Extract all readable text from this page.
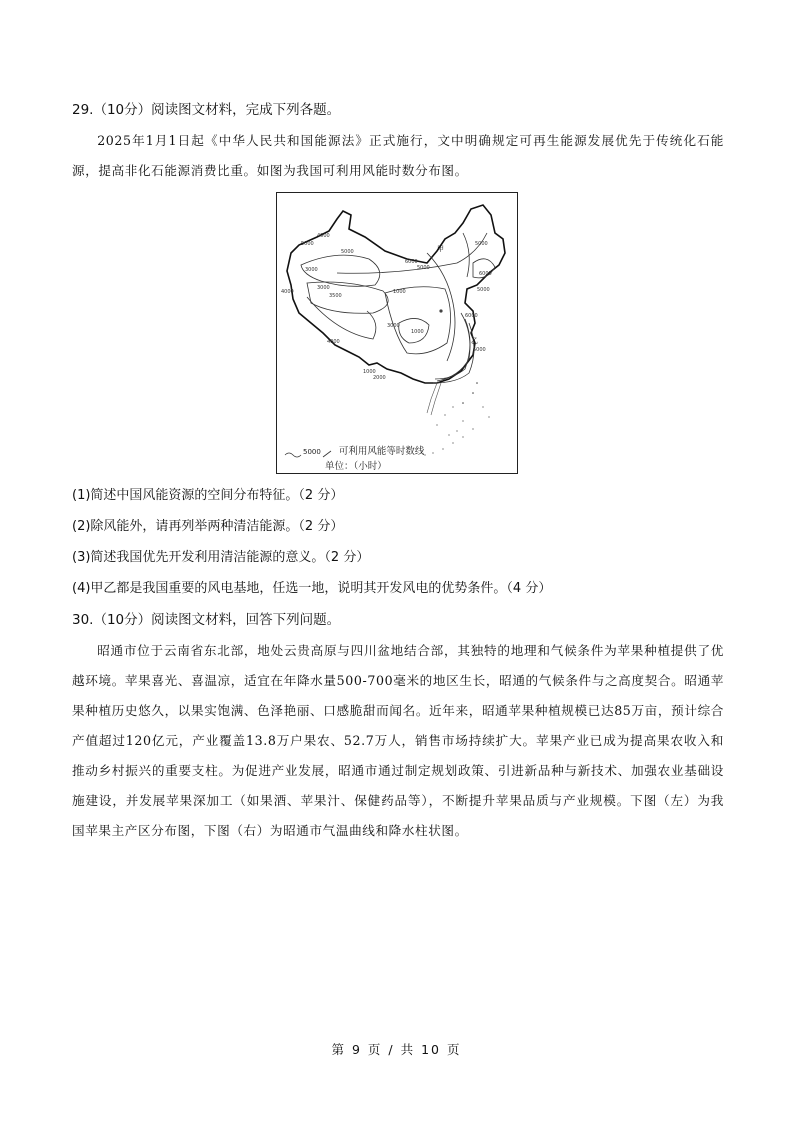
29.（10分）阅读图文材料，完成下列各题。
2025年1月1日起《中华人民共和国能源法》正式施行，文中明确规定可再生能源发展优先于传统化石能源，提高非化石能源消费比重。如图为我国可利用风能时数分布图。
4000
5000
5000
3000
3000
4000
3500
4000
5000
6000
1000
1000
3000
1000
2000
5000
6000
5000
6000
5000
甲
乙
5000 可利用风能等时数线
单位：（小时）
(1)简述中国风能资源的空间分布特征。（2 分）
(2)除风能外，请再列举两种清洁能源。（2 分）
(3)简述我国优先开发利用清洁能源的意义。（2 分）
(4)甲乙都是我国重要的风电基地，任选一地，说明其开发风电的优势条件。（4 分）
30.（10分）阅读图文材料，回答下列问题。
昭通市位于云南省东北部，地处云贵高原与四川盆地结合部，其独特的地理和气候条件为苹果种植提供了优越环境。苹果喜光、喜温凉，适宜在年降水量500-700毫米的地区生长，昭通的气候条件与之高度契合。昭通苹果种植历史悠久，以果实饱满、色泽艳丽、口感脆甜而闻名。近年来，昭通苹果种植规模已达85万亩，预计综合产值超过120亿元，产业覆盖13.8万户果农、52.7万人，销售市场持续扩大。苹果产业已成为提高果农收入和推动乡村振兴的重要支柱。为促进产业发展，昭通市通过制定规划政策、引进新品种与新技术、加强农业基础设施建设，并发展苹果深加工（如果酒、苹果汁、保健药品等），不断提升苹果品质与产业规模。下图（左）为我国苹果主产区分布图，下图（右）为昭通市气温曲线和降水柱状图。
第 9 页 / 共 10 页
